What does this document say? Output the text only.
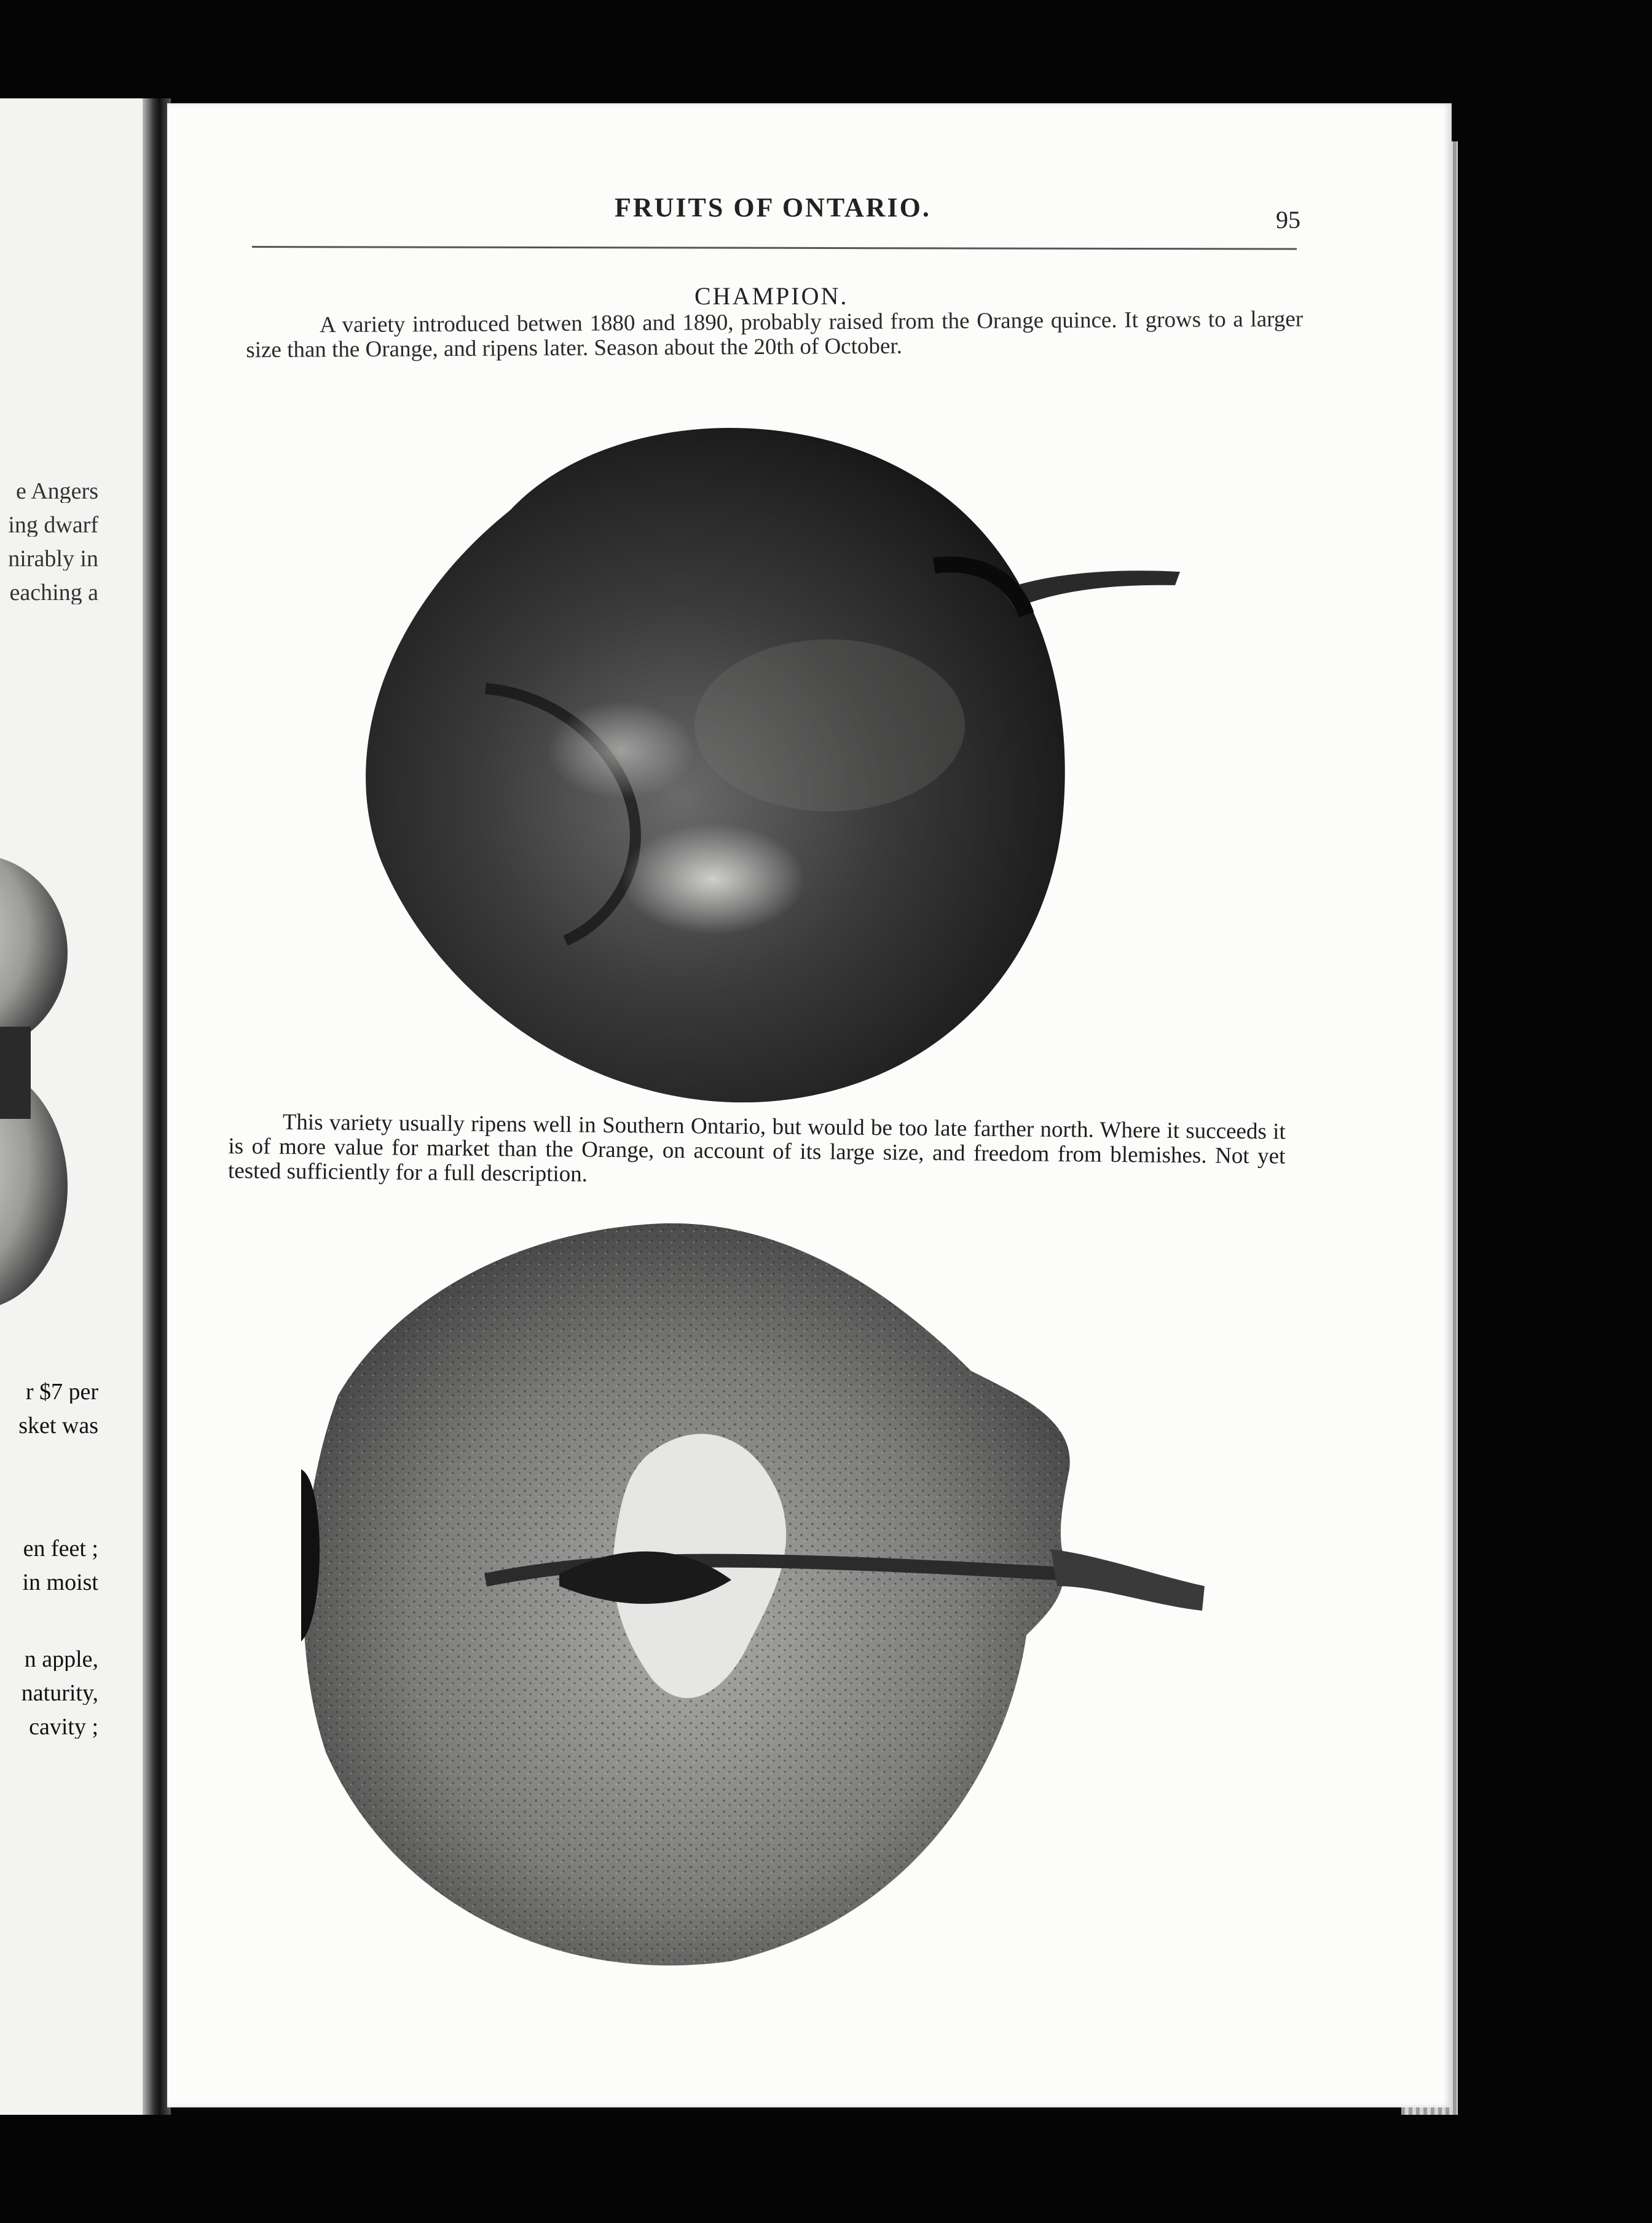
e Angers
ing dwarf
nirably in
eaching a
r $7 per
sket was
en feet ;
in moist
n apple,
naturity,
cavity ;
FRUITS OF ONTARIO.	95
CHAMPION.
A variety introduced betwen 1880 and 1890, probably raised from the Orange quince. It grows to a larger size than the Orange, and ripens later. Season about the 20th of October.
This variety usually ripens well in Southern Ontario, but would be too late farther north. Where it succeeds it is of more value for market than the Orange, on account of its large size, and freedom from blemishes. Not yet tested sufficiently for a full description.
